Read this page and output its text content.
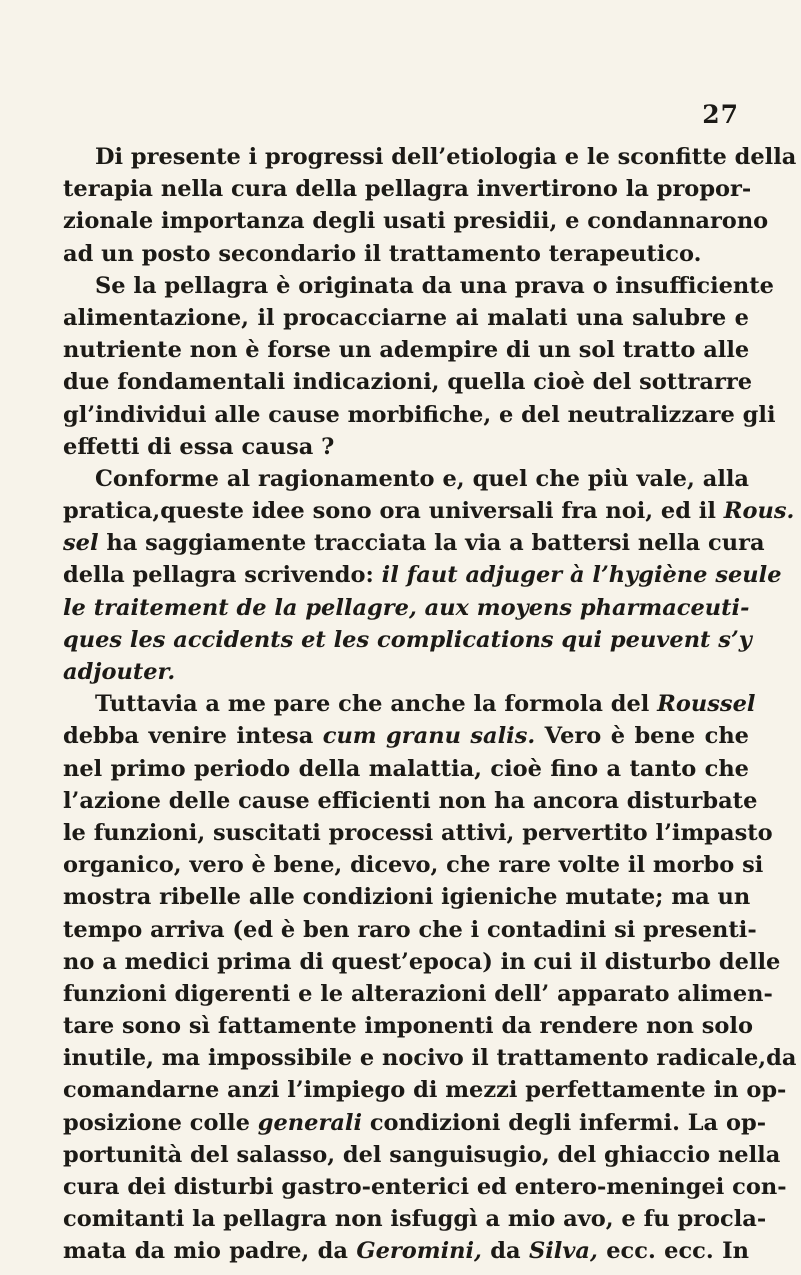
27
Di presente i progressi dell’etiologia e le sconfitte della
terapia nella cura della pellagra invertirono la propor-
zionale importanza degli usati presidii, e condannarono
ad un posto secondario il trattamento terapeutico.
Se la pellagra è originata da una prava o insufficiente
alimentazione, il procacciarne ai malati una salubre e
nutriente non è forse un adempire di un sol tratto alle
due fondamentali indicazioni, quella cioè del sottrarre
gl’individui alle cause morbifiche, e del neutralizzare gli
effetti di essa causa ?
Conforme al ragionamento e, quel che più vale, alla
pratica,queste idee sono ora universali fra noi, ed il Rous.
sel ha saggiamente tracciata la via a battersi nella cura
della pellagra scrivendo: il faut adjuger à l’hygiène seule
le traitement de la pellagre, aux moyens pharmaceuti-
ques les accidents et les complications qui peuvent s’y
adjouter.
Tuttavia a me pare che anche la formola del Roussel
debba venire intesa cum granu salis. Vero è bene che
nel primo periodo della malattia, cioè fino a tanto che
l’azione delle cause efficienti non ha ancora disturbate
le funzioni, suscitati processi attivi, pervertito l’impasto
organico, vero è bene, dicevo, che rare volte il morbo si
mostra ribelle alle condizioni igieniche mutate; ma un
tempo arriva (ed è ben raro che i contadini si presenti-
no a medici prima di quest’epoca) in cui il disturbo delle
funzioni digerenti e le alterazioni dell’ apparato alimen-
tare sono sì fattamente imponenti da rendere non solo
inutile, ma impossibile e nocivo il trattamento radicale,da
comandarne anzi l’impiego di mezzi perfettamente in op-
posizione colle generali condizioni degli infermi. La op-
portunità del salasso, del sanguisugio, del ghiaccio nella
cura dei disturbi gastro-enterici ed entero-meningei con-
comitanti la pellagra non isfuggì a mio avo, e fu procla-
mata da mio padre, da Geromini, da Silva, ecc. ecc. In
